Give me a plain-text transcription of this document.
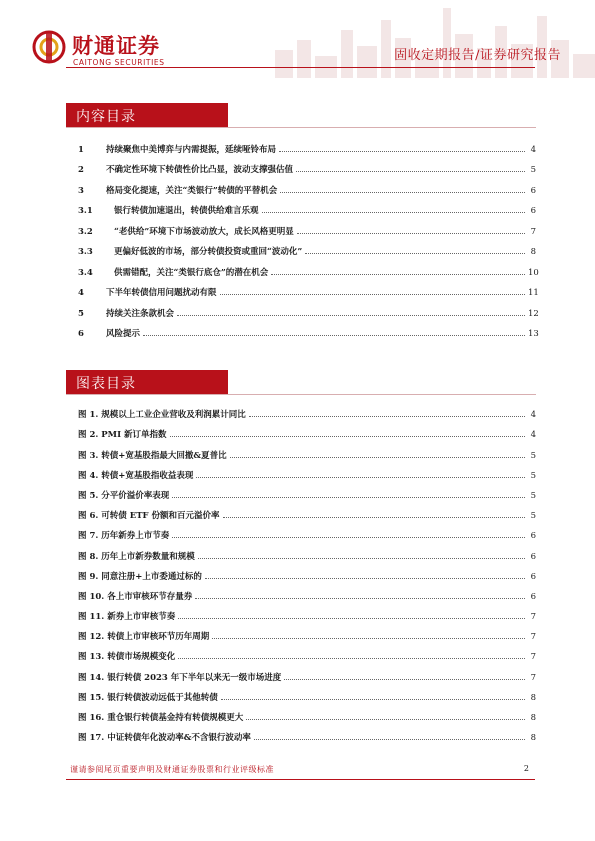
财通证券
CAITONG SECURITIES	固收定期报告/证券研究报告
内容目录
1	持续聚焦中美博弈与内需提振，延续哑铃布局	4
2	不确定性环境下转债性价比凸显，波动支撑强估值	5
3	格局变化提速，关注“类银行”转债的平替机会	6
3.1	银行转债加速退出，转债供给难言乐观	6
3.2	“老供给”环境下市场波动放大，成长风格更明显	7
3.3	更偏好低波的市场，部分转债投资或重回“波动化”	8
3.4	供需错配，关注“类银行底仓”的潜在机会	10
4	下半年转债信用问题扰动有限	11
5	持续关注条款机会	12
6	风险提示	13
图表目录
图 1. 规模以上工业企业营收及利润累计同比	4
图 2. PMI 新订单指数	4
图 3. 转债+宽基股指最大回撤&夏普比	5
图 4. 转债+宽基股指收益表现	5
图 5. 分平价溢价率表现	5
图 6. 可转债 ETF 份额和百元溢价率	5
图 7. 历年新券上市节奏	6
图 8. 历年上市新券数量和规模	6
图 9. 同意注册+上市委通过标的	6
图 10. 各上市审核环节存量券	6
图 11. 新券上市审核节奏	7
图 12. 转债上市审核环节历年周期	7
图 13. 转债市场规模变化	7
图 14. 银行转债 2023 年下半年以来无一级市场进度	7
图 15. 银行转债波动远低于其他转债	8
图 16. 重仓银行转债基金持有转债规模更大	8
图 17. 中证转债年化波动率&不含银行波动率	8
谨请参阅尾页重要声明及财通证券股票和行业评级标准	2
